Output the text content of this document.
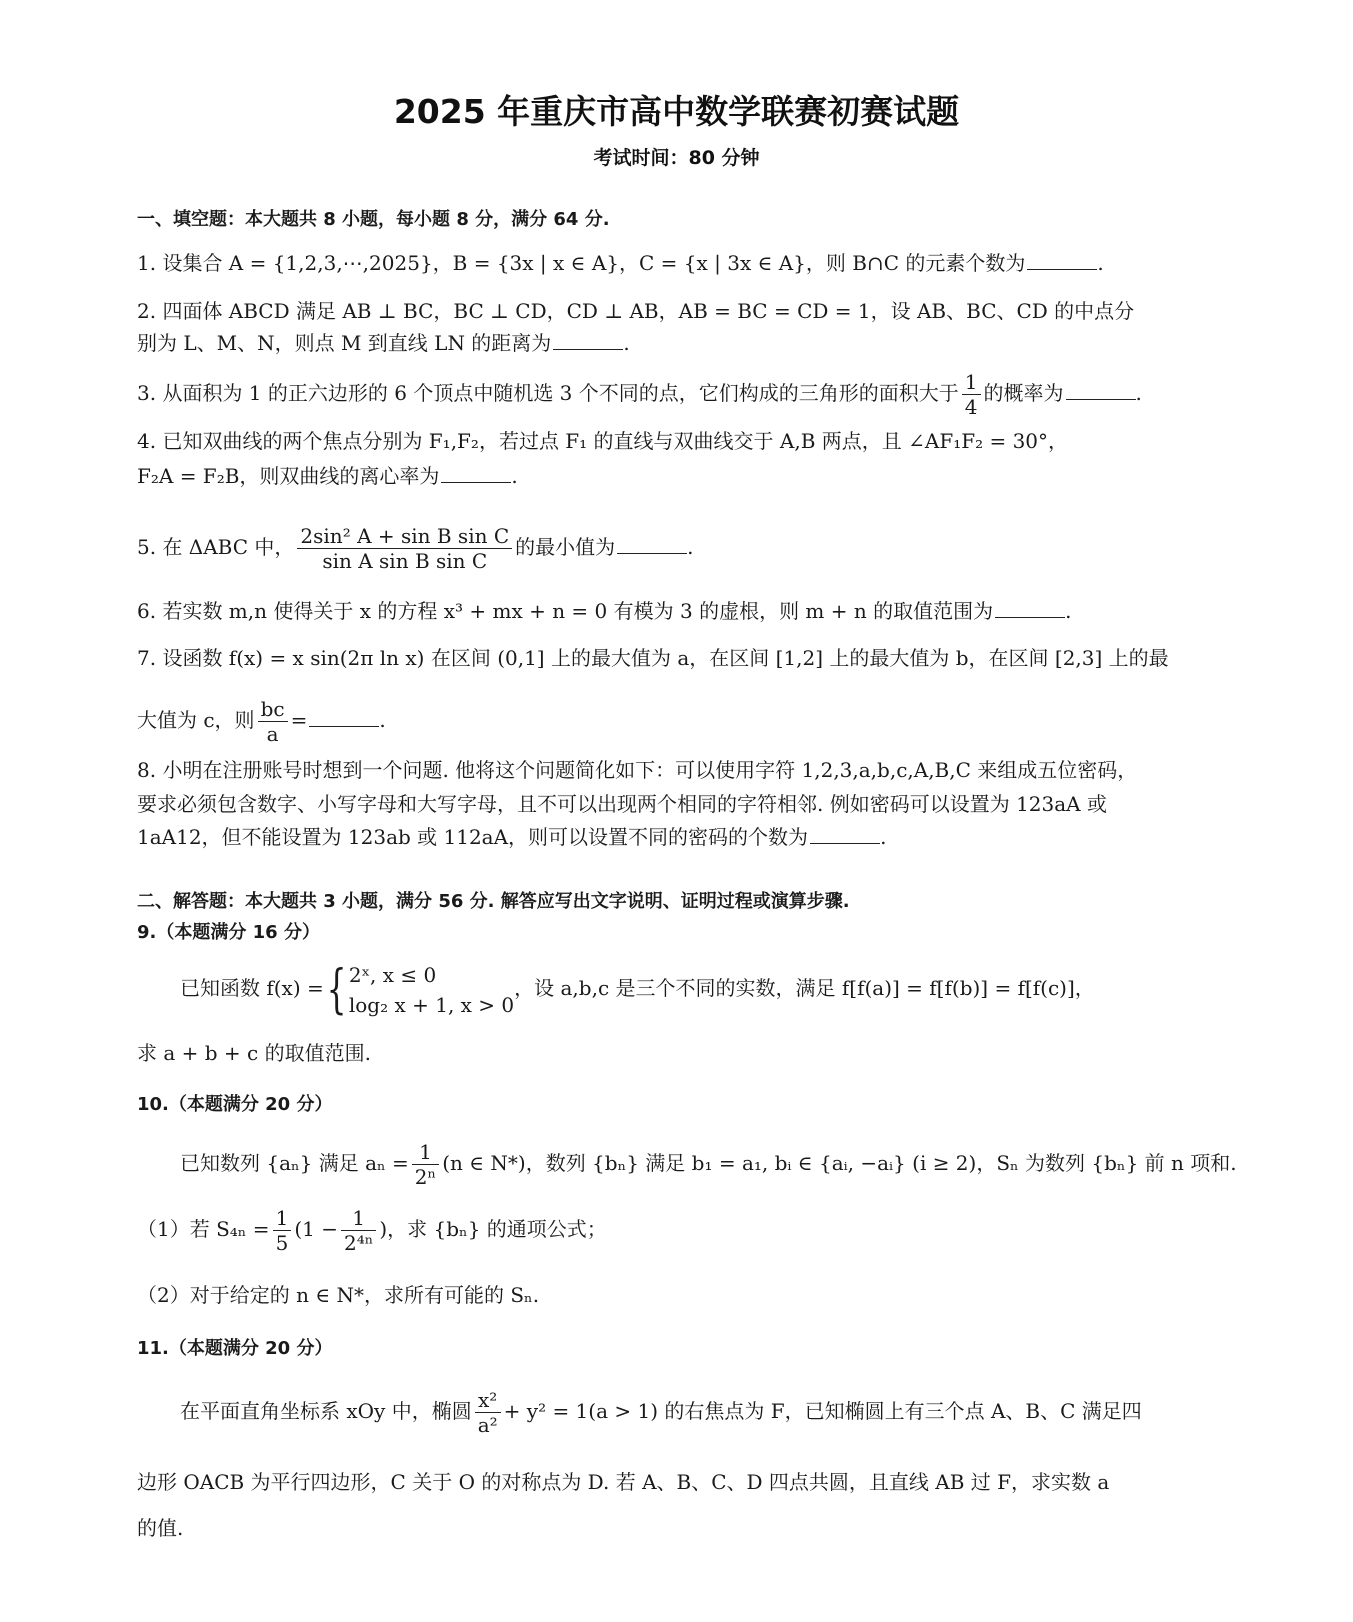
2025 年重庆市高中数学联赛初赛试题
考试时间：80 分钟
一、填空题：本大题共 8 小题，每小题 8 分，满分 64 分.
1. 设集合 A = {1,2,3,⋯,2025}，B = {3x | x ∈ A}，C = {x | 3x ∈ A}，则 B∩C 的元素个数为	.
2. 四面体 ABCD 满足 AB ⊥ BC，BC ⊥ CD，CD ⊥ AB，AB = BC = CD = 1，设 AB、BC、CD 的中点分
别为 L、M、N，则点 M 到直线 LN 的距离为	.
3. 从面积为 1 的正六边形的 6 个顶点中随机选 3 个不同的点，它们构成的三角形的面积大于 $\frac{1}{4}$ 的概率为	.
4. 已知双曲线的两个焦点分别为 F₁,F₂，若过点 F₁ 的直线与双曲线交于 A,B 两点，且 ∠AF₁F₂ = 30°，
F₂A = F₂B，则双曲线的离心率为	.
5. 在 ΔABC 中， $\frac{\text{2sin² A + sin B sin C}}{\text{sin A sin B sin C}}$ 的最小值为	.
6. 若实数 m,n 使得关于 x 的方程 x³ + mx + n = 0 有模为 3 的虚根，则 m + n 的取值范围为	.
7. 设函数 f(x) = x sin(2π ln x) 在区间 (0,1] 上的最大值为 a，在区间 [1,2] 上的最大值为 b，在区间 [2,3] 上的最
大值为 c，则 $\frac{bc}{a}$ =	.
8. 小明在注册账号时想到一个问题. 他将这个问题简化如下：可以使用字符 1,2,3,a,b,c,A,B,C 来组成五位密码，
要求必须包含数字、小写字母和大写字母，且不可以出现两个相同的字符相邻. 例如密码可以设置为 123aA 或
1aA12，但不能设置为 123ab 或 112aA，则可以设置不同的密码的个数为	.
二、解答题：本大题共 3 小题，满分 56 分. 解答应写出文字说明、证明过程或演算步骤.
9.（本题满分 16 分）
已知函数 f(x) ={ 2ˣ, x ≤ 0
log₂ x + 1, x > 0
，设 a,b,c 是三个不同的实数，满足 f[f(a)] = f[f(b)] = f[f(c)]，
求 a + b + c 的取值范围.
10.（本题满分 20 分）
已知数列 {aₙ} 满足 $a_n = \frac{1}{\text{2ⁿ}} (n$ ∈ N*)，数列 {bₙ} 满足 b₁ = a₁, bᵢ ∈ {aᵢ, −aᵢ} (i ≥ 2)，Sₙ 为数列 {bₙ} 前 n 项和.
（1）若 $S_{4n} = \frac{1}{5} (1 - \frac{1}{\text{2⁴ⁿ}}$ )，求 {bₙ} 的通项公式；
（2）对于给定的 n ∈ N*，求所有可能的 Sₙ.
11.（本题满分 20 分）
在平面直角坐标系 xOy 中，椭圆 $\frac{\text{x²}}{\text{a²}} + y^2 = 1(a > 1)$ 的右焦点为 F，已知椭圆上有三个点 A、B、C 满足四
边形 OACB 为平行四边形，C 关于 O 的对称点为 D. 若 A、B、C、D 四点共圆，且直线 AB 过 F，求实数 a
的值.
